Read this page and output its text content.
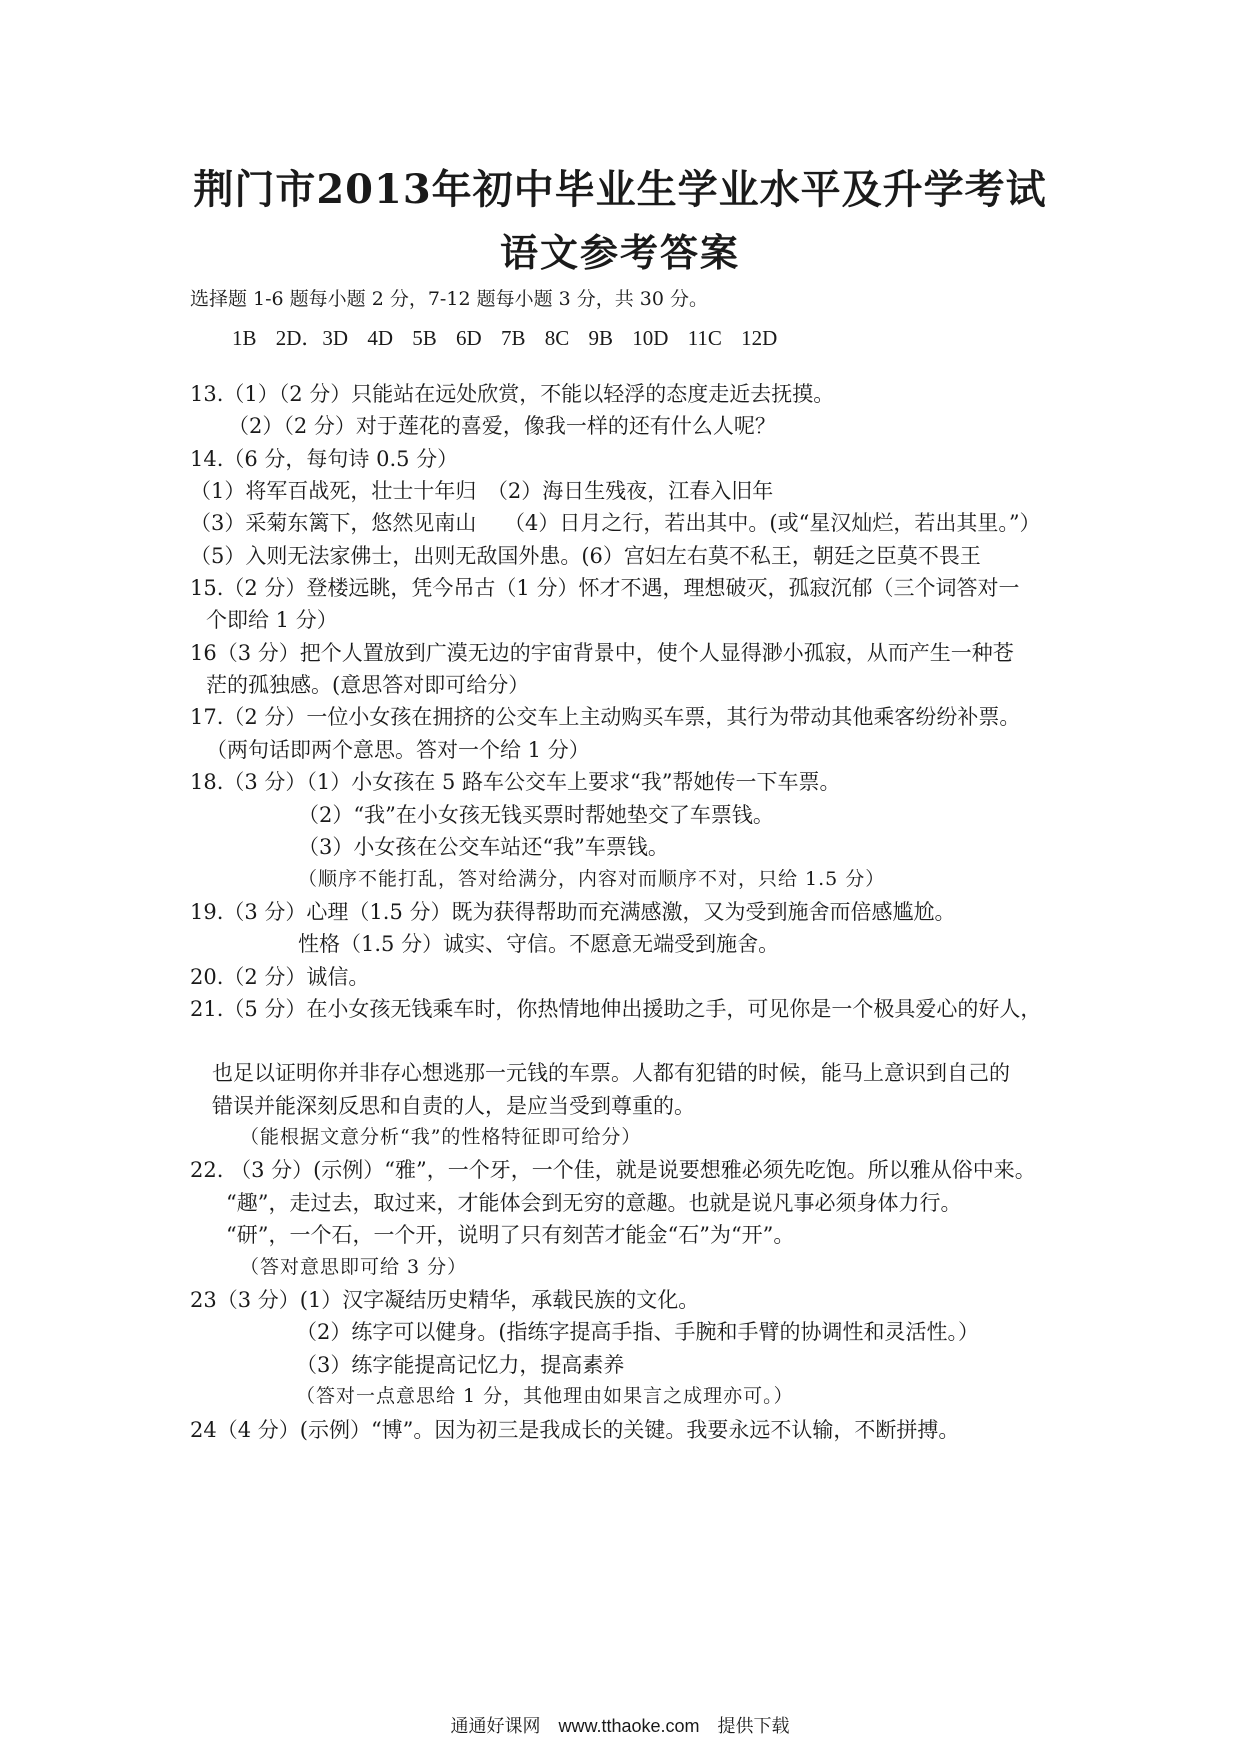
荆门市2013年初中毕业生学业水平及升学考试
语文参考答案
选择题 1-6 题每小题 2 分，7-12 题每小题 3 分，共 30 分。
1B 2D．3D 4D 5B 6D 7B 8C 9B 10D 11C 12D
13.（1）（2 分）只能站在远处欣赏，不能以轻浮的态度走近去抚摸。
（2）（2 分）对于莲花的喜爱，像我一样的还有什么人呢？
14.（6 分，每句诗 0.5 分）
（1）将军百战死，壮士十年归　（2）海日生残夜，江春入旧年
（3）采菊东篱下，悠然见南山　 （4）日月之行，若出其中。(或“星汉灿烂，若出其里。”）
（5）入则无法家佛士，出则无敌国外患。(6）宫妇左右莫不私王，朝廷之臣莫不畏王
15.（2 分）登楼远眺，凭今吊古（1 分）怀才不遇，理想破灭，孤寂沉郁（三个词答对一
个即给 1 分）
16（3 分）把个人置放到广漠无边的宇宙背景中，使个人显得渺小孤寂，从而产生一种苍
茫的孤独感。(意思答对即可给分）
17.（2 分）一位小女孩在拥挤的公交车上主动购买车票，其行为带动其他乘客纷纷补票。
（两句话即两个意思。答对一个给 1 分）
18.（3 分）（1）小女孩在 5 路车公交车上要求“我”帮她传一下车票。
（2）“我”在小女孩无钱买票时帮她垫交了车票钱。
（3）小女孩在公交车站还“我”车票钱。
（顺序不能打乱，答对给满分，内容对而顺序不对，只给 1.5 分）
19.（3 分）心理（1.5 分）既为获得帮助而充满感激，又为受到施舍而倍感尴尬。
性格（1.5 分）诚实、守信。不愿意无端受到施舍。
20.（2 分）诚信。
21.（5 分）在小女孩无钱乘车时，你热情地伸出援助之手，可见你是一个极具爱心的好人，
也足以证明你并非存心想逃那一元钱的车票。人都有犯错的时候，能马上意识到自己的
错误并能深刻反思和自责的人，是应当受到尊重的。
（能根据文意分析“我”的性格特征即可给分）
22. （3 分）(示例）“雅”，一个牙，一个佳，就是说要想雅必须先吃饱。所以雅从俗中来。
“趣”，走过去，取过来，才能体会到无穷的意趣。也就是说凡事必须身体力行。
“研”，一个石，一个开，说明了只有刻苦才能金“石”为“开”。
（答对意思即可给 3 分）
23（3 分）(1）汉字凝结历史精华，承载民族的文化。
（2）练字可以健身。(指练字提高手指、手腕和手臂的协调性和灵活性。）
（3）练字能提高记忆力，提高素养
（答对一点意思给 1 分，其他理由如果言之成理亦可。）
24（4 分）(示例）“博”。因为初三是我成长的关键。我要永远不认输，不断拼搏。
通通好课网　www.tthaoke.com　提供下载
